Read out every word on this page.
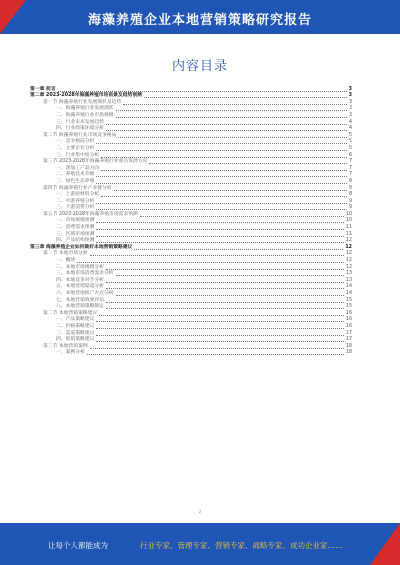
海藻养殖企业本地营销策略研究报告
内容目录
第一章 前言	3
第二章 2023-2028年海藻养殖市场前景及趋势预测	3
第一节 海藻养殖行业发展现状及趋势	3
一、海藻养殖行业发展现状	3
二、海藻养殖行业市场规模	3
三、行业未来发展趋势	4
四、行业政策环境分析	4
第二节 海藻养殖行业市场竞争格局	5
一、竞争格局分析	5
二、主要企业分析	5
三、行业集中度分析	6
第三节 2023-2028年海藻养殖行业重点发展方向	7
一、深加工产品方向	7
二、养殖技术升级	7
三、绿色生态养殖	8
第四节 海藻养殖行业产业链分析	8
一、上游原材料分析	8
二、中游养殖分析	9
三、下游消费分析	9
第五节 2023-2028年海藻养殖市场需求预测	10
一、市场规模预测	10
二、消费需求预测	11
三、区域市场预测	11
四、产品结构预测	12
第三章 海藻养殖企业如何做好本地营销策略建议	12
第一节 本地市场分析	12
一、概述	12
二、本地市场规模分析	12
三、本地市场消费需求分析	13
四、本地竞争对手分析	13
五、本地营销渠道分析	14
六、本地营销推广方式分析	14
七、本地营销效果评估	15
八、本地营销策略制定	15
第二节 本地营销策略建议	16
一、产品策略建议	16
二、价格策略建议	16
三、渠道策略建议	17
四、促销策略建议	17
第三节 本地营销案例	18
一、案例分析	18
2
让每个人都能成为	行业专家、管理专家、营销专家、战略专家、成功企业家……
